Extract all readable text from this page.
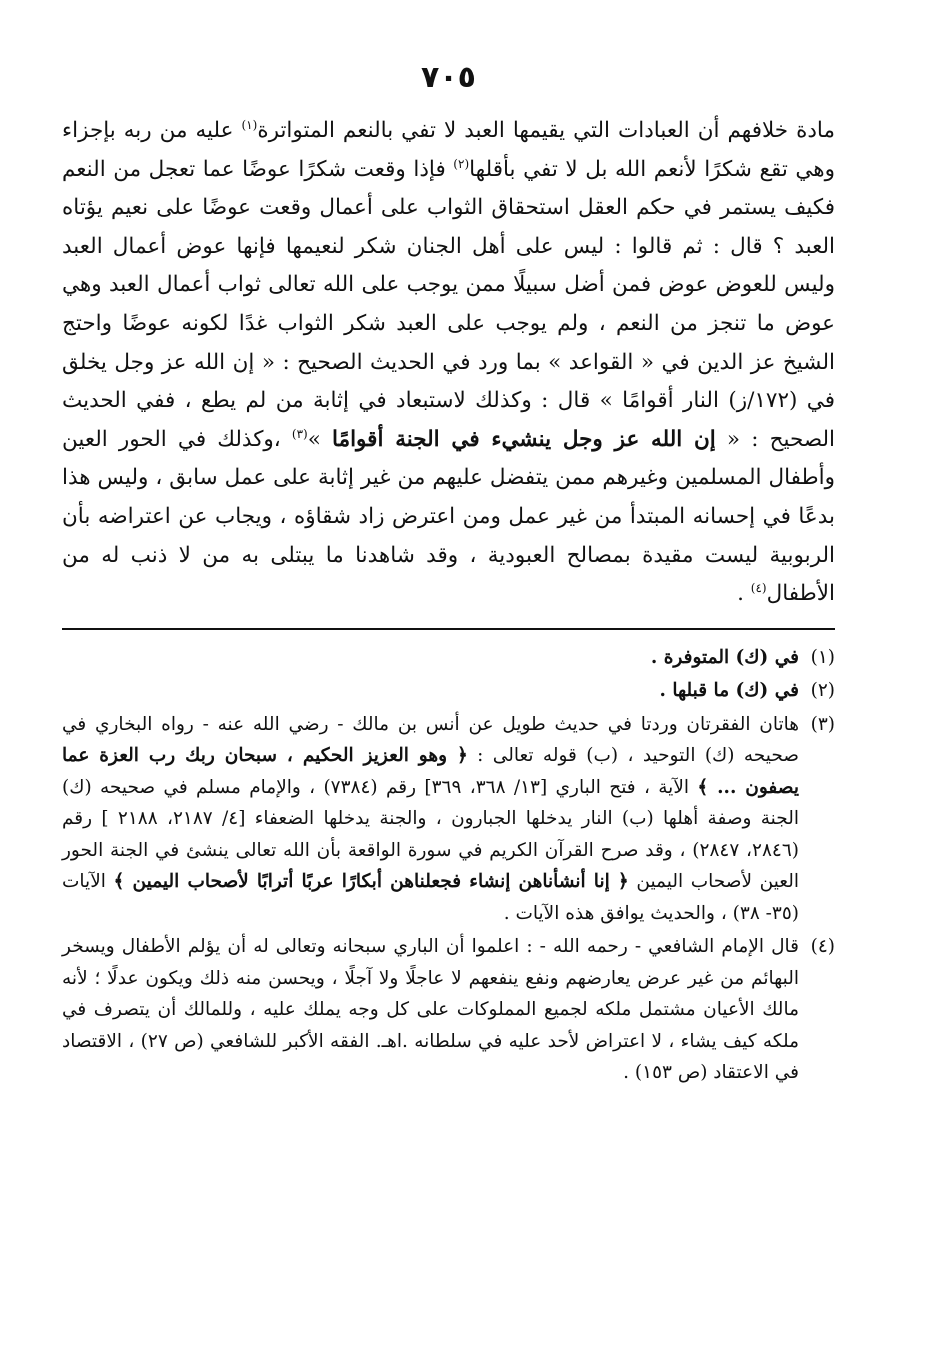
٧٠٥

مادة خلافهم أن العبادات التي يقيمها العبد لا تفي بالنعم المتواترة$^{(١)}$ عليه من ربه بإجزاء وهي تقع شكرًا لأنعم الله بل لا تفي بأقلها$^{(٢)}$ فإذا وقعت شكرًا عوضًا عما تعجل من النعم فكيف يستمر في حكم العقل استحقاق الثواب على أعمال وقعت عوضًا على نعيم يؤتاه العبد ؟ قال : ثم قالوا : ليس على أهل الجنان شكر لنعيمها فإنها عوض أعمال العبد وليس للعوض عوض فمن أضل سبيلًا ممن يوجب على الله تعالى ثواب أعمال العبد وهي عوض ما تنجز من النعم ، ولم يوجب على العبد شكر الثواب غدًا لكونه عوضًا واحتج الشيخ عز الدين في « القواعد » بما ورد في الحديث الصحيح : « إن الله عز وجل يخلق في (١٧٢/ز) النار أقوامًا » قال : وكذلك لاستبعاد في إثابة من لم يطع ، ففي الحديث الصحيح : « إن الله عز وجل ينشيء في الجنة أقوامًا »$^{(٣)}$ ،وكذلك في الحور العين وأطفال المسلمين وغيرهم ممن يتفضل عليهم من غير إثابة على عمل سابق ، وليس هذا بدعًا في إحسانه المبتدأ من غير عمل ومن اعترض زاد شقاؤه ، ويجاب عن اعتراضه بأن الربوبية ليست مقيدة بمصالح العبودية ، وقد شاهدنا ما يبتلى به من لا ذنب له من الأطفال$^{(٤)}$ .

(١)
في (ك) المتوفرة .
(٢)
في (ك) ما قبلها .
(٣)
هاتان الفقرتان وردتا في حديث طويل عن أنس بن مالك - رضي الله عنه - رواه البخاري في صحيحه (ك) التوحيد ، (ب) قوله تعالى : ﴿ وهو العزيز الحكيم ، سبحان ربك رب العزة عما يصفون ... ﴾ الآية ، فتح الباري [١٣/ ٣٦٨، ٣٦٩] رقم (٧٣٨٤) ، والإمام مسلم في صحيحه (ك) الجنة وصفة أهلها (ب) النار يدخلها الجبارون ، والجنة يدخلها الضعفاء [٤/ ٢١٨٧، ٢١٨٨ ] رقم (٢٨٤٦، ٢٨٤٧) ، وقد صرح القرآن الكريم في سورة الواقعة بأن الله تعالى ينشئ في الجنة الحور العين لأصحاب اليمين ﴿ إنا أنشأناهن إنشاء فجعلناهن أبكارًا عربًا أترابًا لأصحاب اليمين ﴾ الآيات (٣٥- ٣٨) ، والحديث يوافق هذه الآيات .
(٤)
قال الإمام الشافعي - رحمه الله - : اعلموا أن الباري سبحانه وتعالى له أن يؤلم الأطفال ويسخر البهائم من غير عرض يعارضهم ونفع ينفعهم لا عاجلًا ولا آجلًا ، ويحسن منه ذلك ويكون عدلًا ؛ لأنه مالك الأعيان مشتمل ملكه لجميع المملوكات على كل وجه يملك عليه ، وللمالك أن يتصرف في ملكه كيف يشاء ، لا اعتراض لأحد عليه في سلطانه .اهـ. الفقه الأكبر للشافعي (ص ٢٧) ، الاقتصاد في الاعتقاد (ص ١٥٣) .
